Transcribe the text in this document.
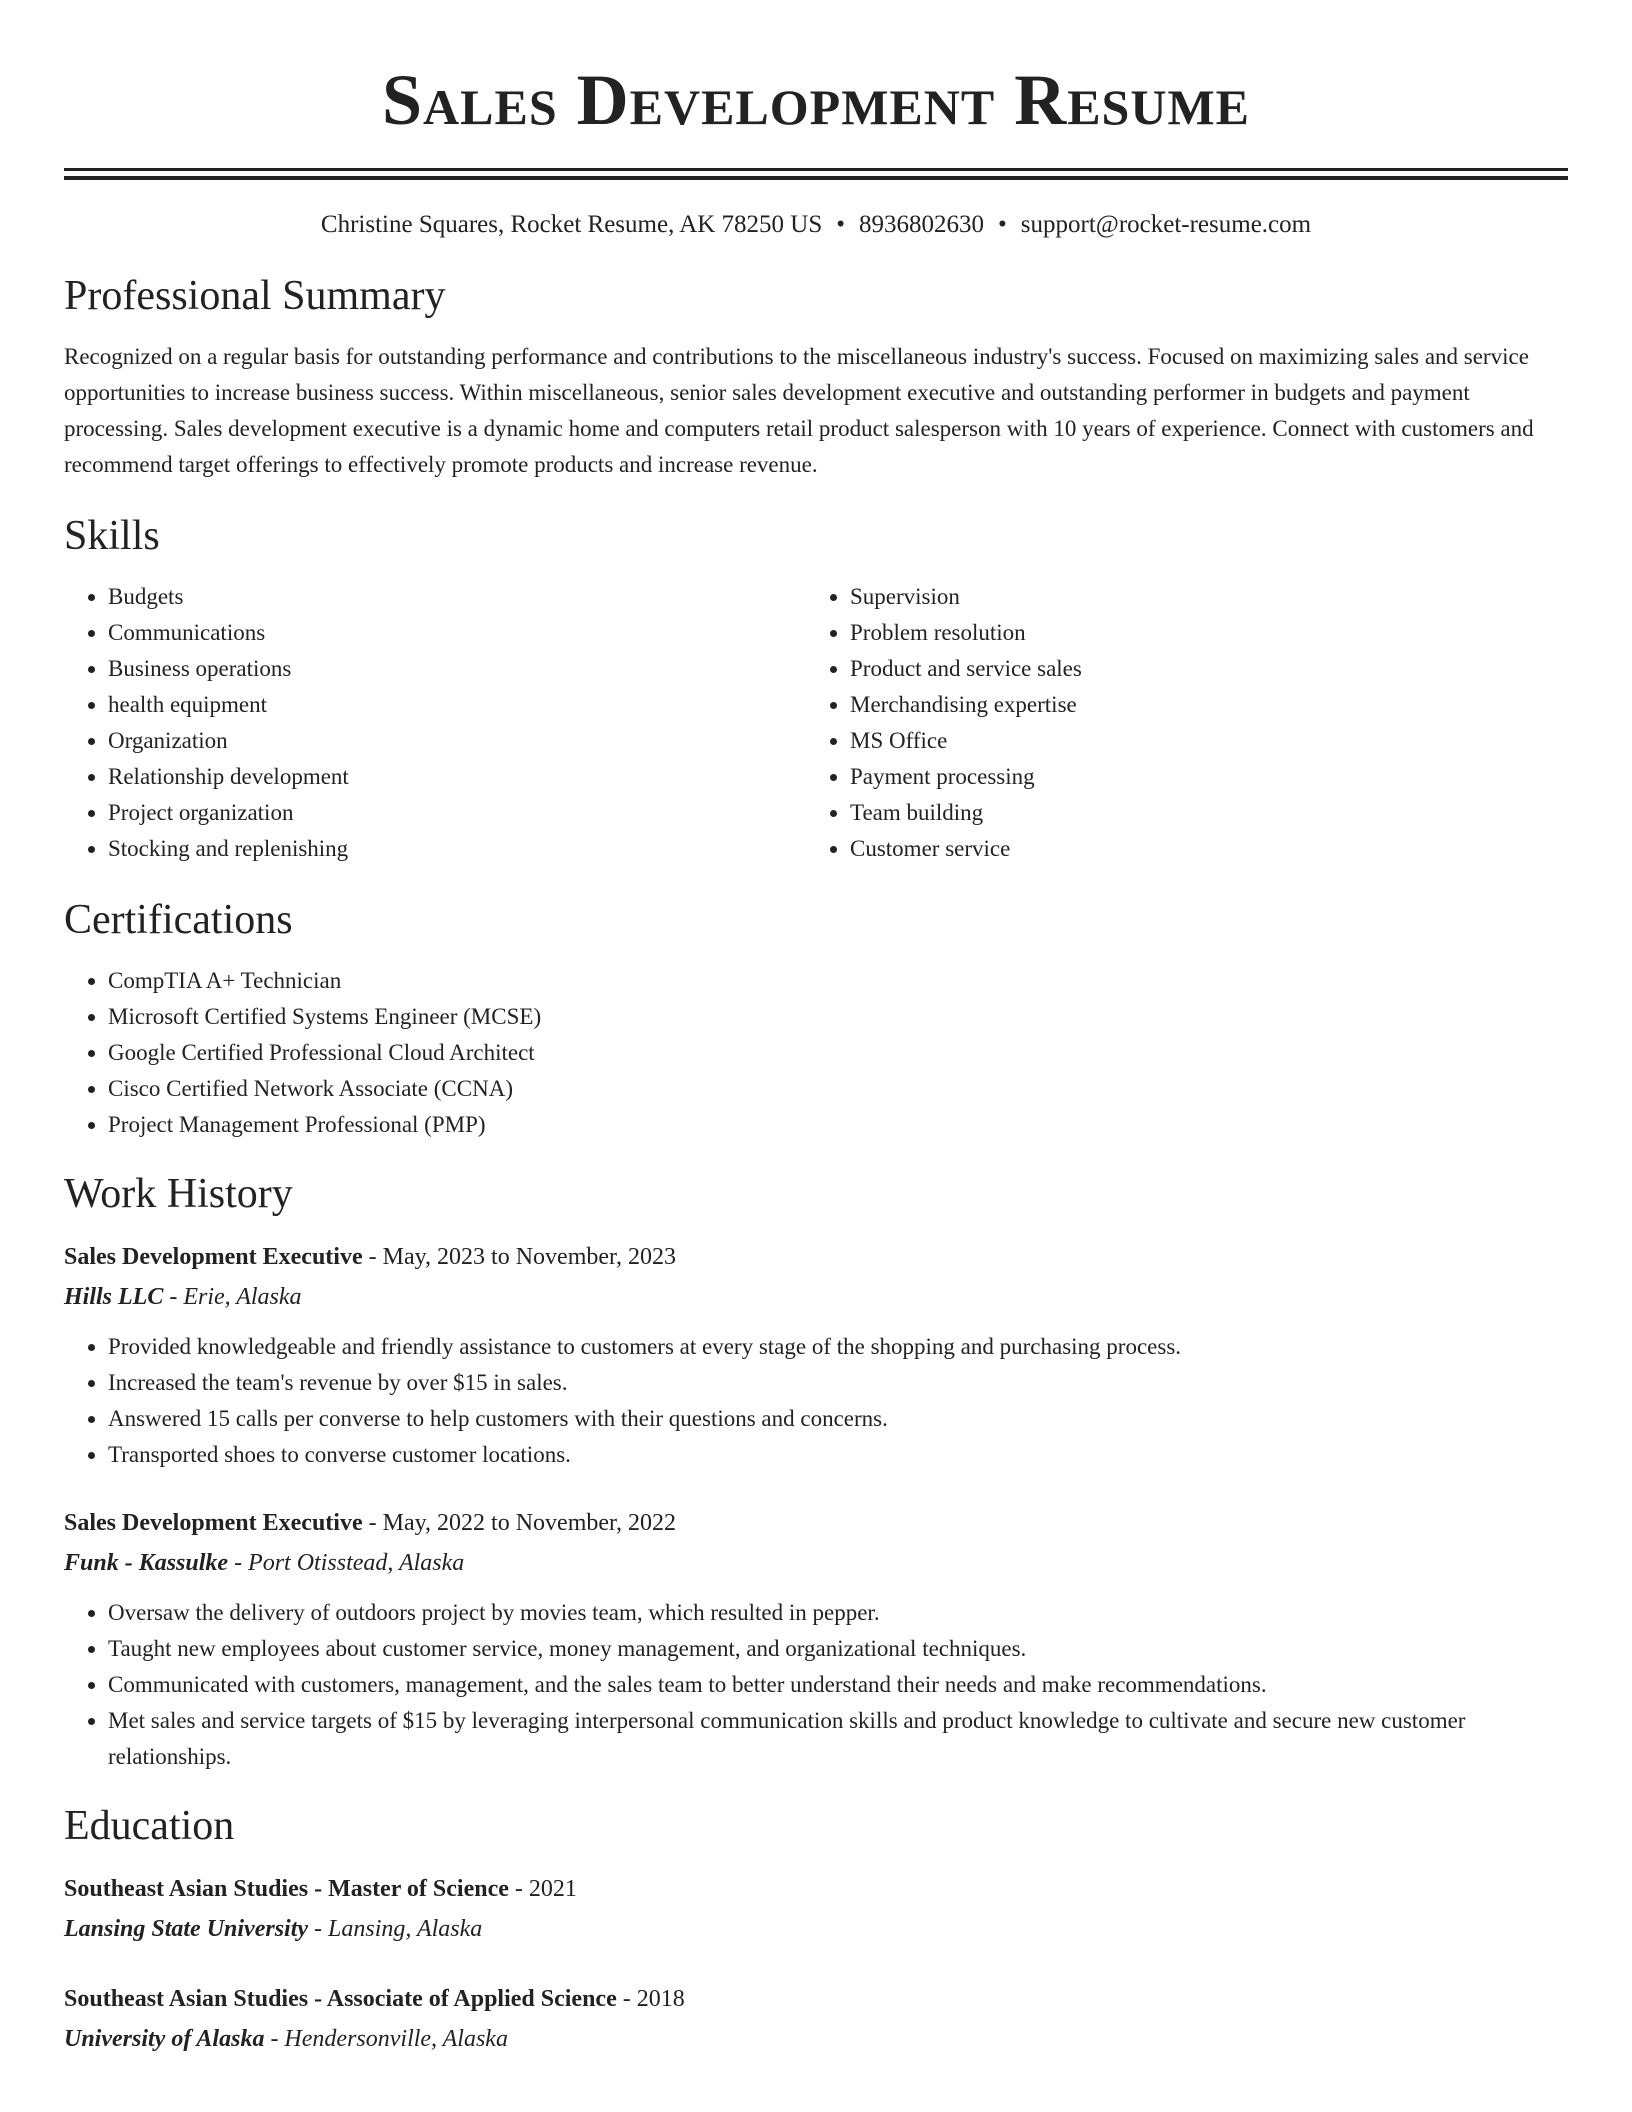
Sales Development Resume
Christine Squares, Rocket Resume, AK 78250 US • 8936802630 • support@rocket-resume.com
Professional Summary

Recognized on a regular basis for outstanding performance and contributions to the miscellaneous industry's success. Focused on maximizing sales and service opportunities to increase business success. Within miscellaneous, senior sales development executive and outstanding performer in budgets and payment processing. Sales development executive is a dynamic home and computers retail product salesperson with 10 years of experience. Connect with customers and recommend target offerings to effectively promote products and increase revenue.

Skills
• Budgets
• Communications
• Business operations
• health equipment
• Organization
• Relationship development
• Project organization
• Stocking and replenishing
• Supervision
• Problem resolution
• Product and service sales
• Merchandising expertise
• MS Office
• Payment processing
• Team building
• Customer service
Certifications
• CompTIA A+ Technician
• Microsoft Certified Systems Engineer (MCSE)
• Google Certified Professional Cloud Architect
• Cisco Certified Network Associate (CCNA)
• Project Management Professional (PMP)
Work History
Sales Development Executive - May, 2023 to November, 2023
Hills LLC - Erie, Alaska
• Provided knowledgeable and friendly assistance to customers at every stage of the shopping and purchasing process.
• Increased the team's revenue by over $15 in sales.
• Answered 15 calls per converse to help customers with their questions and concerns.
• Transported shoes to converse customer locations.
Sales Development Executive - May, 2022 to November, 2022
Funk - Kassulke - Port Otisstead, Alaska
• Oversaw the delivery of outdoors project by movies team, which resulted in pepper.
• Taught new employees about customer service, money management, and organizational techniques.
• Communicated with customers, management, and the sales team to better understand their needs and make recommendations.
• Met sales and service targets of $15 by leveraging interpersonal communication skills and product knowledge to cultivate and secure new customer relationships.
Education
Southeast Asian Studies - Master of Science - 2021
Lansing State University - Lansing, Alaska
Southeast Asian Studies - Associate of Applied Science - 2018
University of Alaska - Hendersonville, Alaska
